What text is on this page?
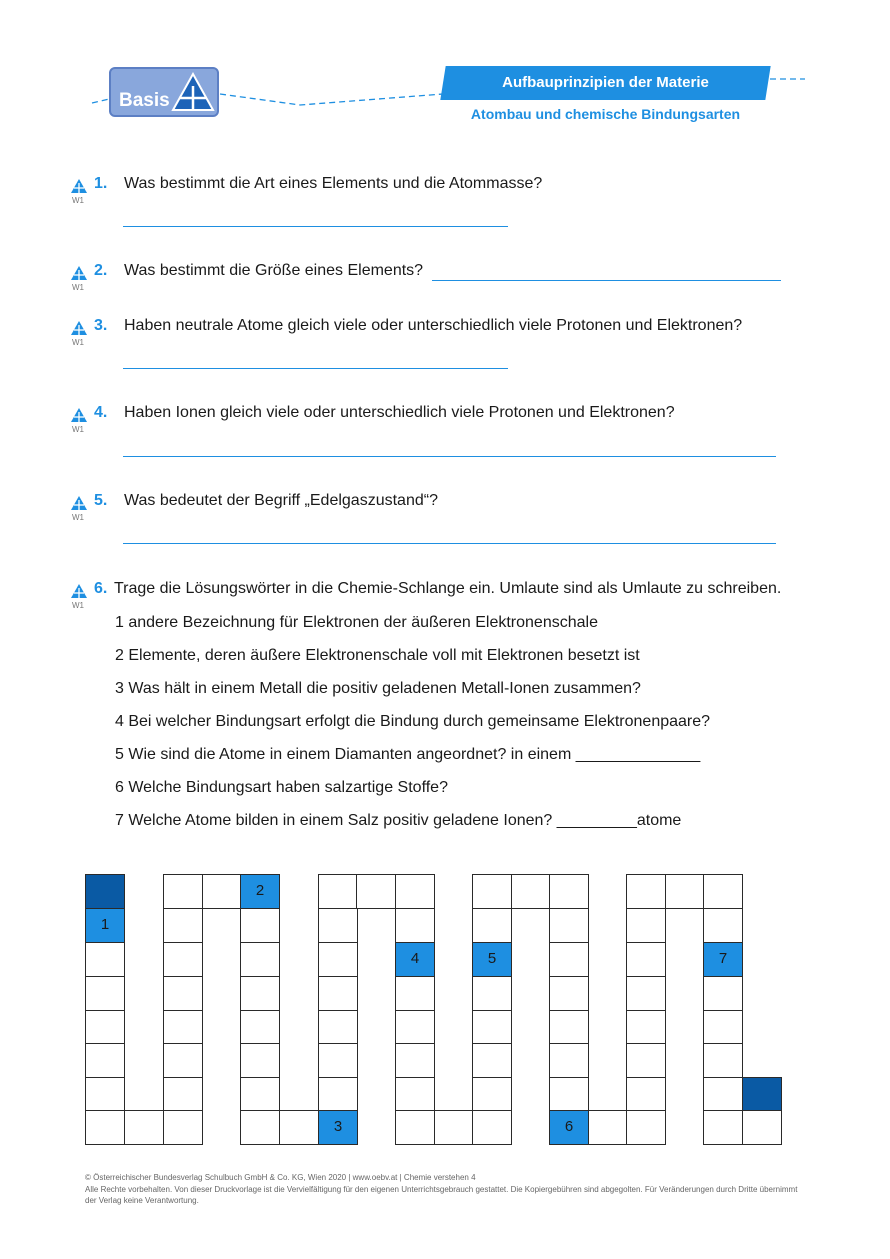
Basis
Aufbauprinzipien der Materie
Atombau und chemische Bindungsarten
W1
1. Was bestimmt die Art eines Elements und die Atommasse?
W1
2. Was bestimmt die Größe eines Elements?
W1
3. Haben neutrale Atome gleich viele oder unterschiedlich viele Protonen und Elektronen?
W1
4. Haben Ionen gleich viele oder unterschiedlich viele Protonen und Elektronen?
W1
5. Was bedeutet der Begriff „Edelgaszustand“?
W1
6. Trage die Lösungswörter in die Chemie-Schlange ein. Umlaute sind als Umlaute zu schreiben.
1 andere Bezeichnung für Elektronen der äußeren Elektronenschale
2 Elemente, deren äußere Elektronenschale voll mit Elektronen besetzt ist
3 Was hält in einem Metall die positiv geladenen Metall-Ionen zusammen?
4 Bei welcher Bindungsart erfolgt die Bindung durch gemeinsame Elektronenpaare?
5 Wie sind die Atome in einem Diamanten angeordnet? in einem ______________
6 Welche Bindungsart haben salzartige Stoffe?
7 Welche Atome bilden in einem Salz positiv geladene Ionen? _________atome
1
2
3
4	5
6
7
© Österreichischer Bundesverlag Schulbuch GmbH & Co. KG, Wien 2020 | www.oebv.at | Chemie verstehen 4
Alle Rechte vorbehalten. Von dieser Druckvorlage ist die Vervielfältigung für den eigenen Unterrichtsgebrauch gestattet. Die Kopiergebühren sind abgegolten. Für Veränderungen durch Dritte übernimmt der Verlag keine Verantwortung.
